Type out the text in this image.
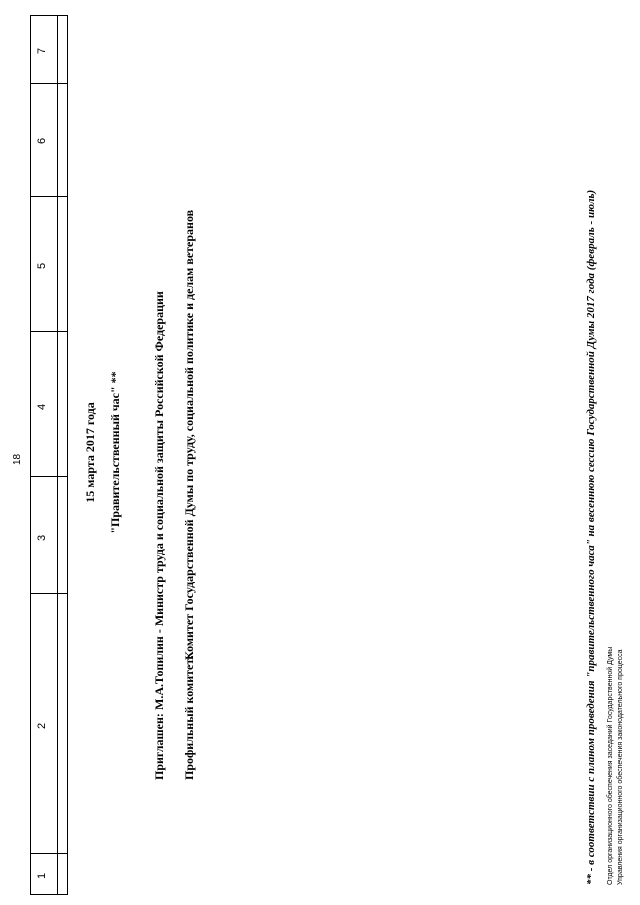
1
2
3
4
5
6
7
18	15 марта 2017 года "Правительственный час" **
Приглашен:
М.А.Топилин - Министр труда и социальной защиты Российской Федерации
Профильный комитет:
Комитет Государственной Думы по труду, социальной политике и делам ветеранов	** - в соответствии с планом проведения "правительственного часа" на весеннюю сессию Государственной Думы 2017 года (февраль - июль) Отдел организационного обеспечения заседаний Государственной Думы Управления организационного обеспечения законодательного процесса
